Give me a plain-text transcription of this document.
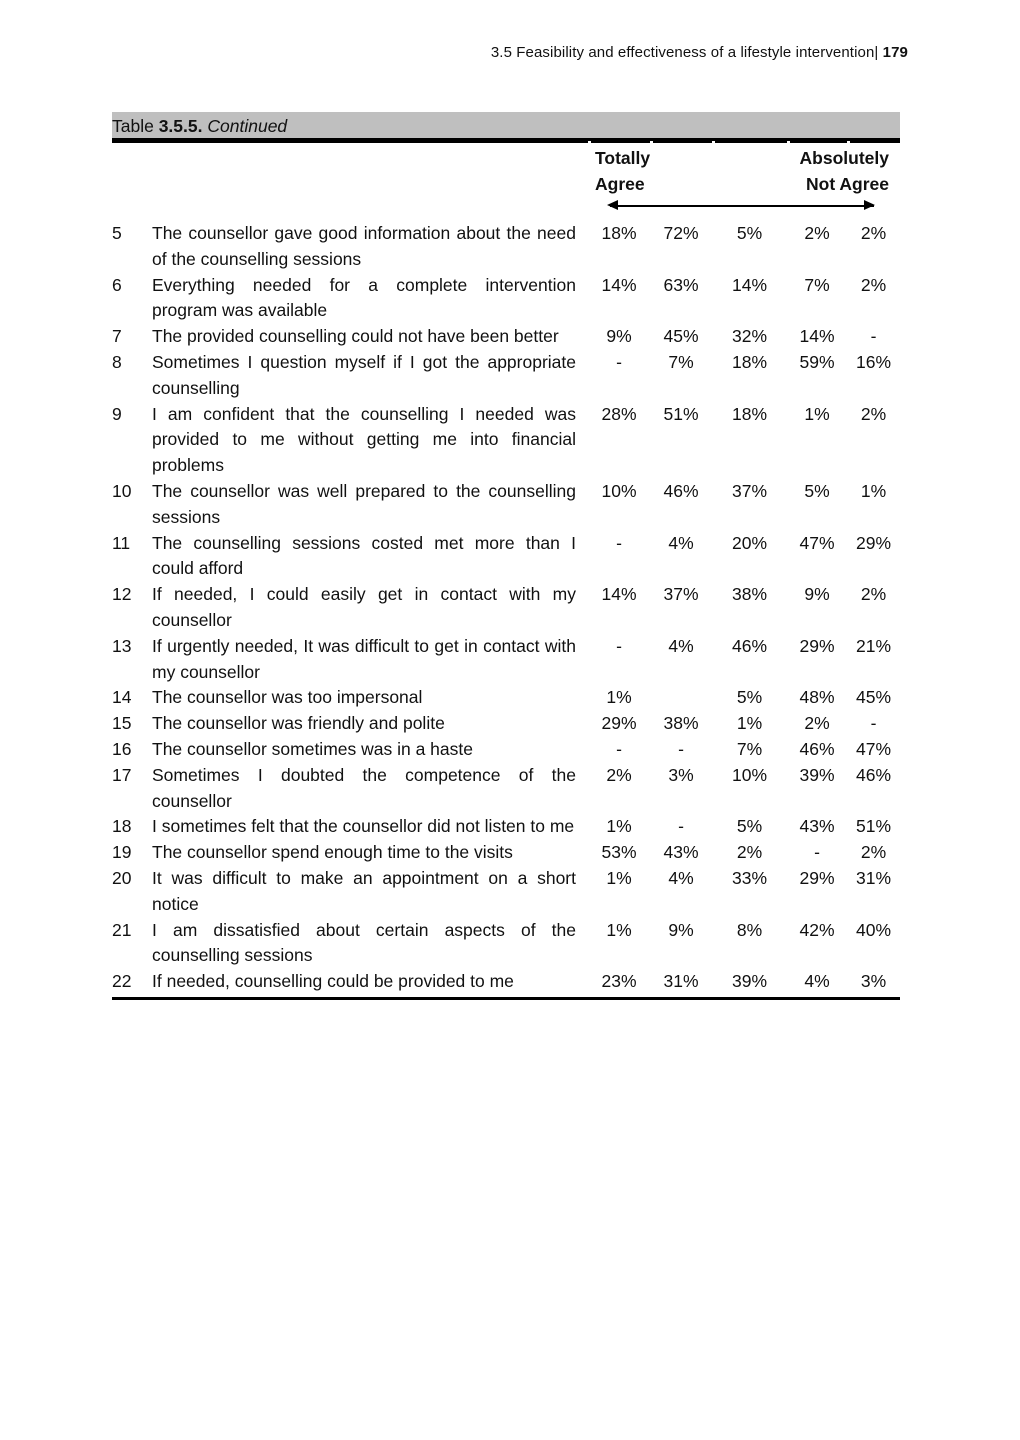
3.5 Feasibility and effectiveness of a lifestyle intervention| 179
Table 3.5.5. Continued
Totally
Agree
Absolutely
Not Agree
5	The counsellor gave good information about the need of the counselling sessions	18%	72%	5%	2%	2%
6	Everything needed for a complete intervention program was available	14%	63%	14%	7%	2%
7	The provided counselling could not have been better	9%	45%	32%	14%	-
8	Sometimes I question myself if I got the appropriate counselling	-	7%	18%	59%	16%
9	I am confident that the counselling I needed was provided to me without getting me into financial problems	28%	51%	18%	1%	2%
10	The counsellor was well prepared to the counselling sessions	10%	46%	37%	5%	1%
11	The counselling sessions costed met more than I could afford	-	4%	20%	47%	29%
12	If needed, I could easily get in contact with my counsellor	14%	37%	38%	9%	2%
13	If urgently needed, It was difficult to get in contact with my counsellor	-	4%	46%	29%	21%
14	The counsellor was too impersonal	1%		5%	48%	45%
15	The counsellor was friendly and polite	29%	38%	1%	2%	-
16	The counsellor sometimes was in a haste	-	-	7%	46%	47%
17	Sometimes I doubted the competence of the counsellor	2%	3%	10%	39%	46%
18	I sometimes felt that the counsellor did not listen to me	1%	-	5%	43%	51%
19	The counsellor spend enough time to the visits	53%	43%	2%	-	2%
20	It was difficult to make an appointment on a short notice	1%	4%	33%	29%	31%
21	I am dissatisfied about certain aspects of the counselling sessions	1%	9%	8%	42%	40%
22	If needed, counselling could be provided to me	23%	31%	39%	4%	3%
